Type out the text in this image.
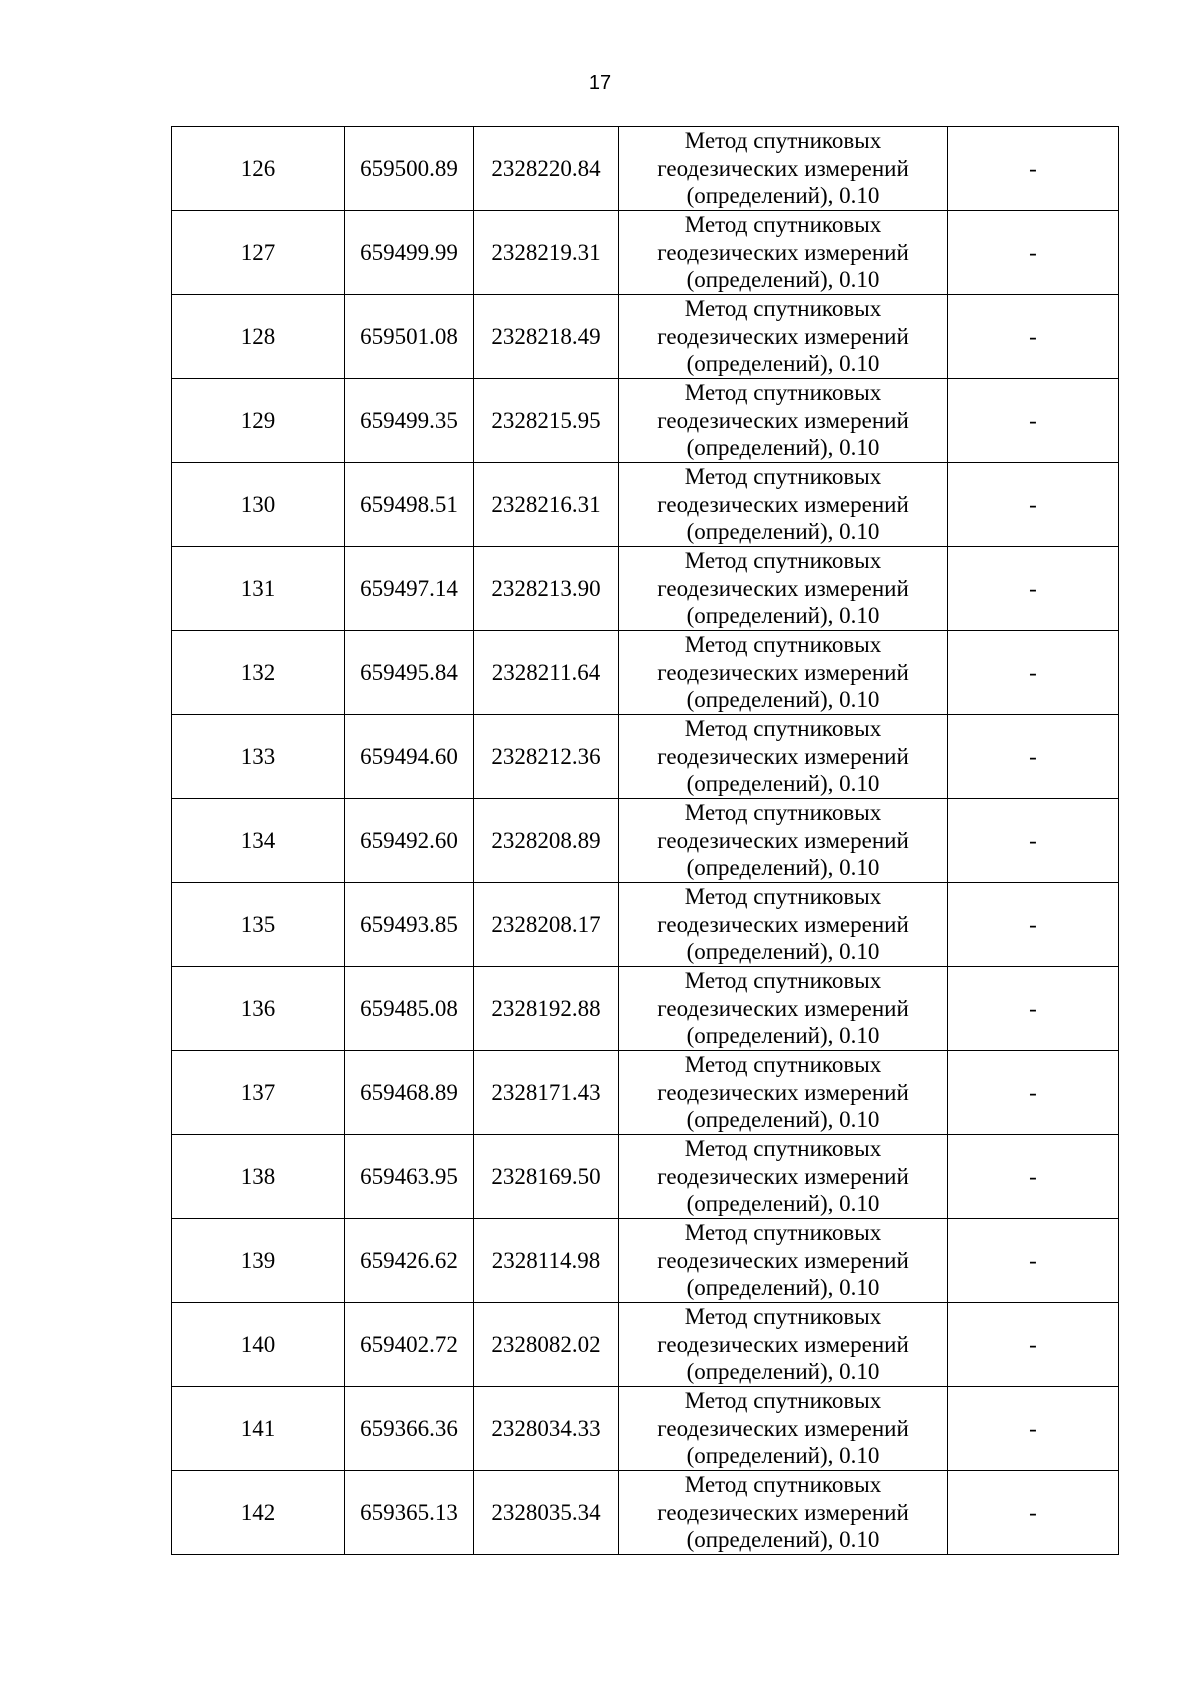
17
126	659500.89	2328220.84	Метод спутниковых
геодезических измерений
(определений), 0.10	-
127	659499.99	2328219.31	Метод спутниковых
геодезических измерений
(определений), 0.10	-
128	659501.08	2328218.49	Метод спутниковых
геодезических измерений
(определений), 0.10	-
129	659499.35	2328215.95	Метод спутниковых
геодезических измерений
(определений), 0.10	-
130	659498.51	2328216.31	Метод спутниковых
геодезических измерений
(определений), 0.10	-
131	659497.14	2328213.90	Метод спутниковых
геодезических измерений
(определений), 0.10	-
132	659495.84	2328211.64	Метод спутниковых
геодезических измерений
(определений), 0.10	-
133	659494.60	2328212.36	Метод спутниковых
геодезических измерений
(определений), 0.10	-
134	659492.60	2328208.89	Метод спутниковых
геодезических измерений
(определений), 0.10	-
135	659493.85	2328208.17	Метод спутниковых
геодезических измерений
(определений), 0.10	-
136	659485.08	2328192.88	Метод спутниковых
геодезических измерений
(определений), 0.10	-
137	659468.89	2328171.43	Метод спутниковых
геодезических измерений
(определений), 0.10	-
138	659463.95	2328169.50	Метод спутниковых
геодезических измерений
(определений), 0.10	-
139	659426.62	2328114.98	Метод спутниковых
геодезических измерений
(определений), 0.10	-
140	659402.72	2328082.02	Метод спутниковых
геодезических измерений
(определений), 0.10	-
141	659366.36	2328034.33	Метод спутниковых
геодезических измерений
(определений), 0.10	-
142	659365.13	2328035.34	Метод спутниковых
геодезических измерений
(определений), 0.10	-
